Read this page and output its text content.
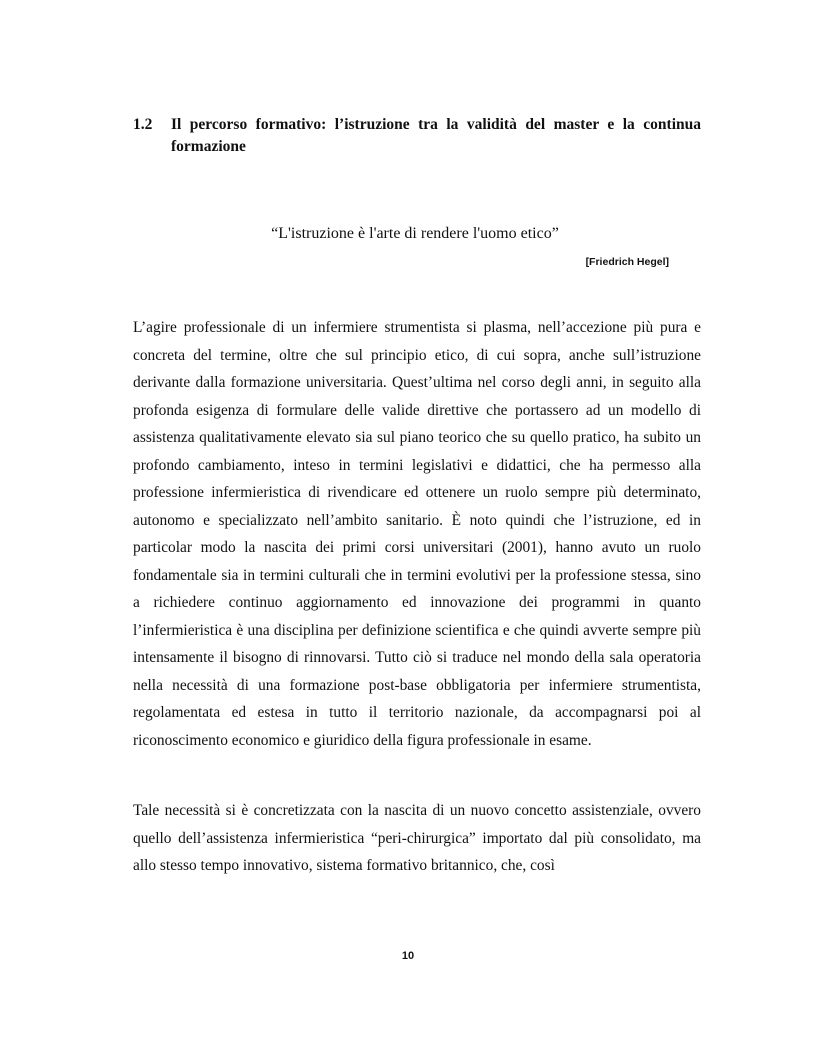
1.2	Il percorso formativo: l’istruzione tra la validità del master e la continua formazione
“L'istruzione è l'arte di rendere l'uomo etico”
[Friedrich Hegel]

L’agire professionale di un infermiere strumentista si plasma, nell’accezione più pura e concreta del termine, oltre che sul principio etico, di cui sopra, anche sull’istruzione derivante dalla formazione universitaria. Quest’ultima nel corso degli anni, in seguito alla profonda esigenza di formulare delle valide direttive che portassero ad un modello di assistenza qualitativamente elevato sia sul piano teorico che su quello pratico, ha subito un profondo cambiamento, inteso in termini legislativi e didattici, che ha permesso alla professione infermieristica di rivendicare ed ottenere un ruolo sempre più determinato, autonomo e specializzato nell’ambito sanitario. È noto quindi che l’istruzione, ed in particolar modo la nascita dei primi corsi universitari (2001), hanno avuto un ruolo fondamentale sia in termini culturali che in termini evolutivi per la professione stessa, sino a richiedere continuo aggiornamento ed innovazione dei programmi in quanto l’infermieristica è una disciplina per definizione scientifica e che quindi avverte sempre più intensamente il bisogno di rinnovarsi. Tutto ciò si traduce nel mondo della sala operatoria nella necessità di una formazione post-base obbligatoria per infermiere strumentista, regolamentata ed estesa in tutto il territorio nazionale, da accompagnarsi poi al riconoscimento economico e giuridico della figura professionale in esame.

Tale necessità si è concretizzata con la nascita di un nuovo concetto assistenziale, ovvero quello dell’assistenza infermieristica “peri-chirurgica” importato dal più consolidato, ma allo stesso tempo innovativo, sistema formativo britannico, che, così

10
